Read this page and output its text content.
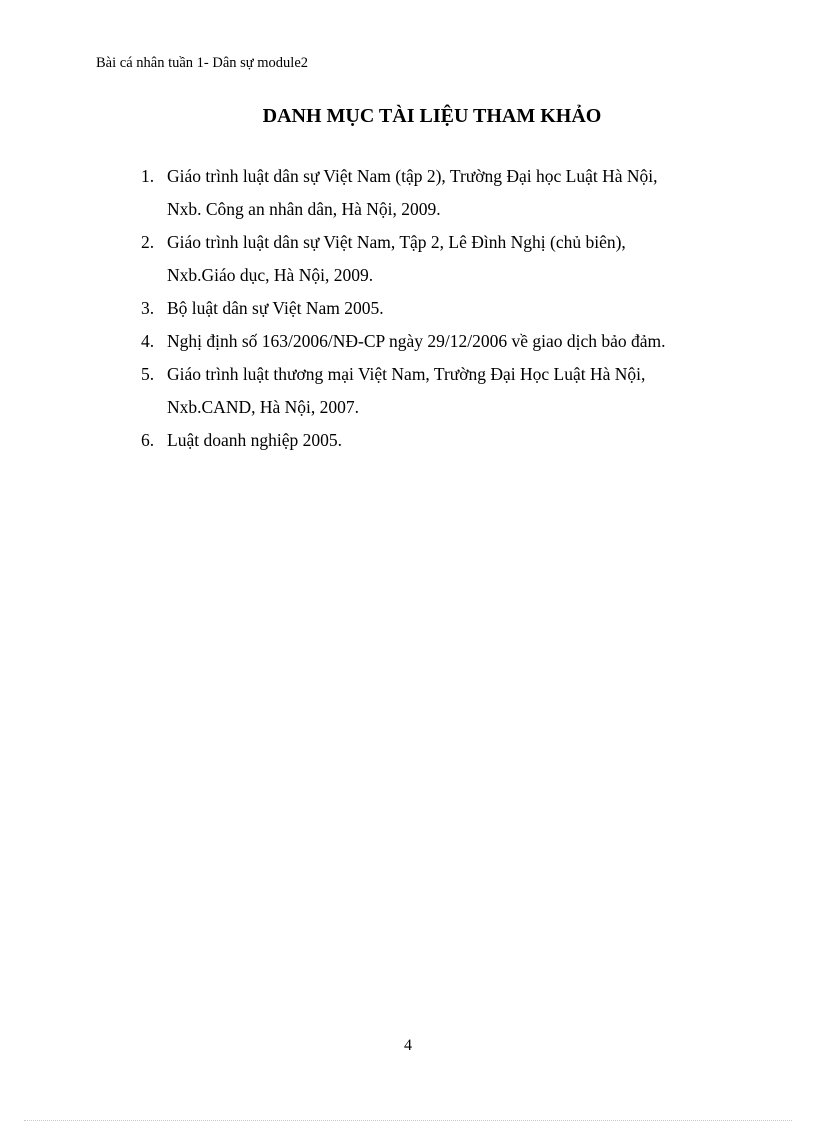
Bài cá nhân tuần 1- Dân sự module2
DANH MỤC TÀI LIỆU THAM KHẢO
1. Giáo trình luật dân sự Việt Nam (tập 2), Trường Đại học Luật Hà Nội,
Nxb. Công an nhân dân, Hà Nội, 2009.
2. Giáo trình luật dân sự Việt Nam, Tập 2, Lê Đình Nghị (chủ biên),
Nxb.Giáo dục, Hà Nội, 2009.
3. Bộ luật dân sự Việt Nam 2005.
4. Nghị định số 163/2006/NĐ-CP ngày 29/12/2006 về giao dịch bảo đảm.
5. Giáo trình luật thương mại Việt Nam, Trường Đại Học Luật Hà Nội,
Nxb.CAND, Hà Nội, 2007.
6. Luật doanh nghiệp 2005.
4
